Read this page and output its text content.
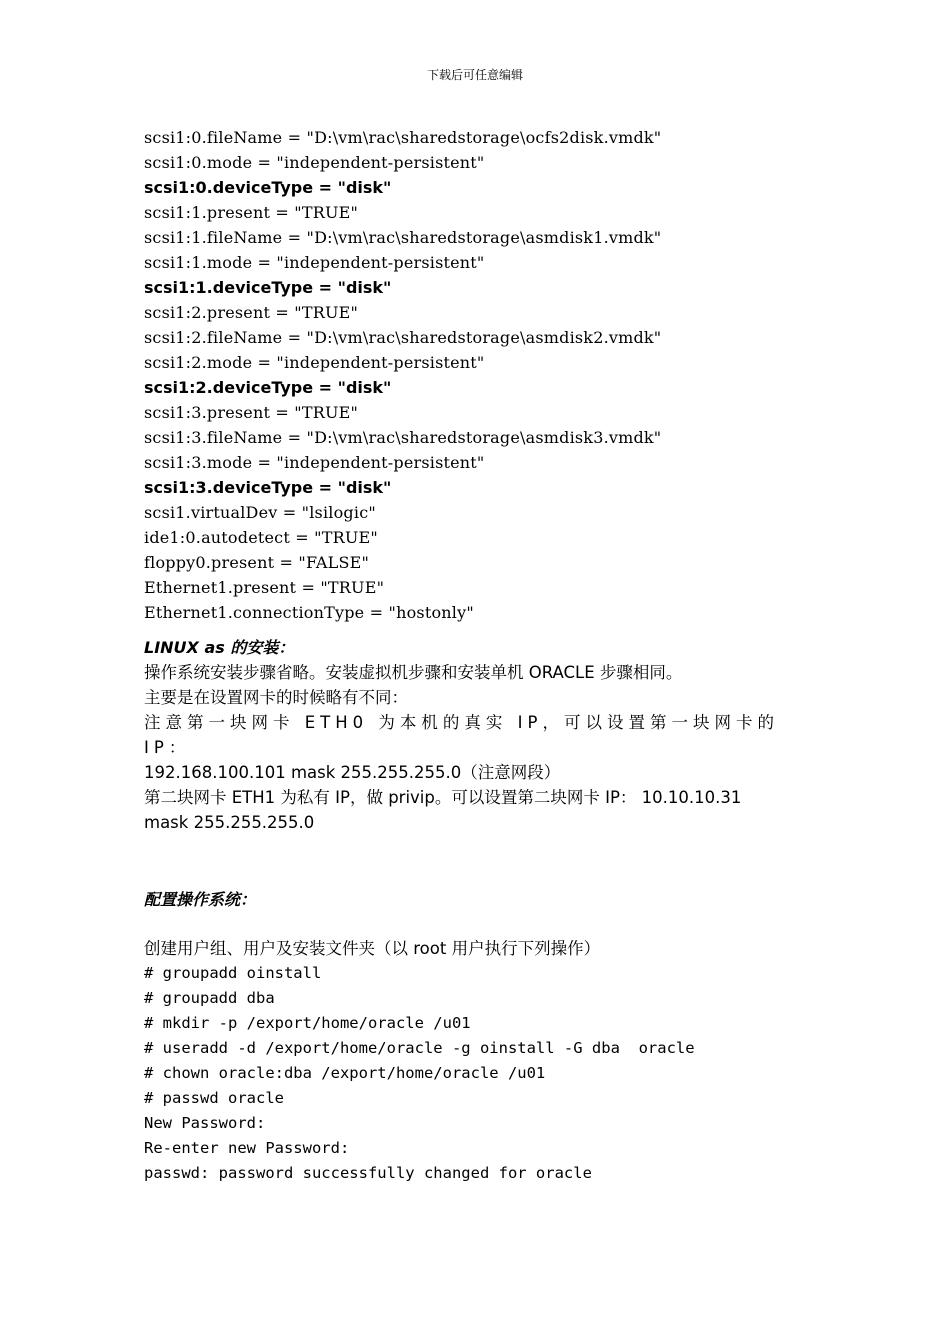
下载后可任意编辑
scsi1:0.fileName = "D:\vm\rac\sharedstorage\ocfs2disk.vmdk"
scsi1:0.mode = "independent-persistent"
scsi1:0.deviceType = "disk"
scsi1:1.present = "TRUE"
scsi1:1.fileName = "D:\vm\rac\sharedstorage\asmdisk1.vmdk"
scsi1:1.mode = "independent-persistent"
scsi1:1.deviceType = "disk"
scsi1:2.present = "TRUE"
scsi1:2.fileName = "D:\vm\rac\sharedstorage\asmdisk2.vmdk"
scsi1:2.mode = "independent-persistent"
scsi1:2.deviceType = "disk"
scsi1:3.present = "TRUE"
scsi1:3.fileName = "D:\vm\rac\sharedstorage\asmdisk3.vmdk"
scsi1:3.mode = "independent-persistent"
scsi1:3.deviceType = "disk"
scsi1.virtualDev = "lsilogic"
ide1:0.autodetect = "TRUE"
floppy0.present = "FALSE"
Ethernet1.present = "TRUE"
Ethernet1.connectionType = "hostonly"
LINUX as 的安装：
操作系统安装步骤省略。安装虚拟机步骤和安装单机 ORACLE 步骤相同。
主要是在设置网卡的时候略有不同：
注意第一块网卡 ETH0 为本机的真实 IP，可以设置第一块网卡的 IP：
192.168.100.101 mask 255.255.255.0（注意网段）
第二块网卡 ETH1 为私有 IP，做 privip。可以设置第二块网卡 IP： 10.10.10.31
mask 255.255.255.0
配置操作系统：
创建用户组、用户及安装文件夹（以 root 用户执行下列操作）
# groupadd oinstall
# groupadd dba
# mkdir -p /export/home/oracle /u01
# useradd -d /export/home/oracle -g oinstall -G dba  oracle
# chown oracle:dba /export/home/oracle /u01
# passwd oracle
New Password:
Re-enter new Password:
passwd: password successfully changed for oracle
